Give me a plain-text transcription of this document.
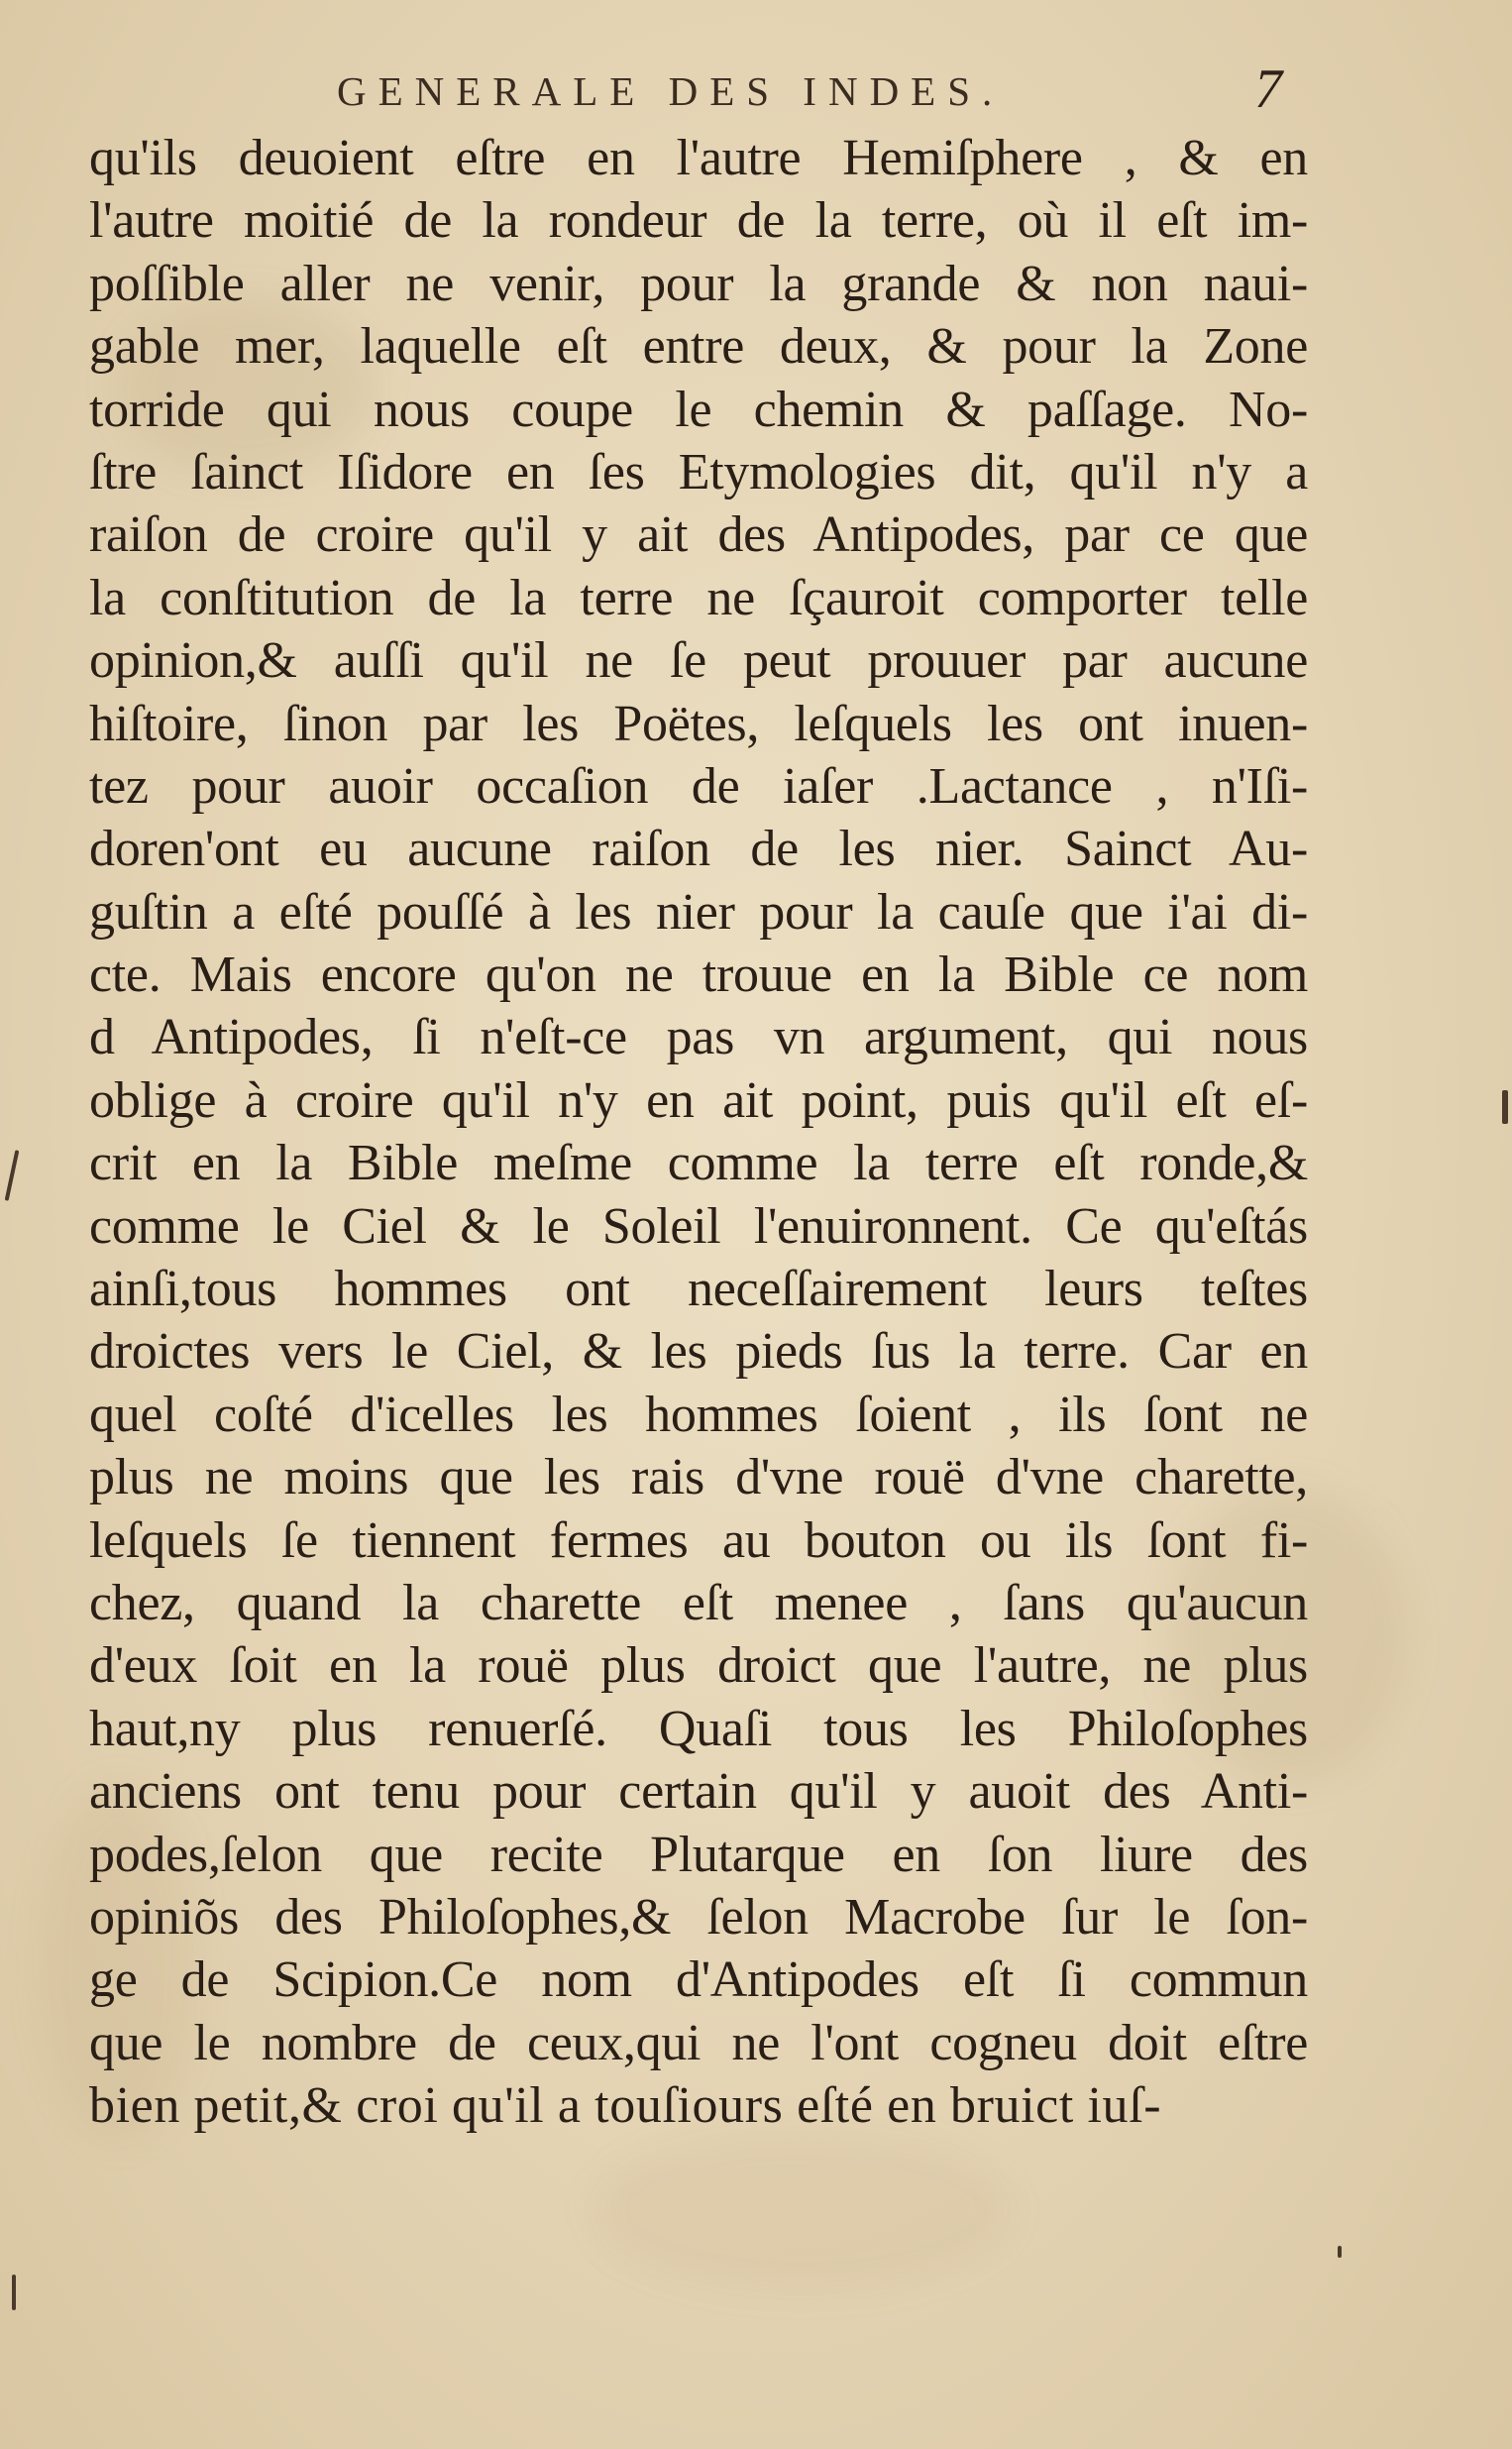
GENERALE DES INDES.	7
qu'ils deuoient eſtre en l'autre Hemiſphere , & en
l'autre moitié de la rondeur de la terre, où il eſt im-
poſſible aller ne venir, pour la grande & non naui-
gable mer, laquelle eſt entre deux, & pour la Zone
torride qui nous coupe le chemin & paſſage. No-
ſtre ſainct Iſidore en ſes Etymologies dit, qu'il n'y a
raiſon de croire qu'il y ait des Antipodes, par ce que
la conſtitution de la terre ne ſçauroit comporter telle
opinion,& auſſi qu'il ne ſe peut prouuer par aucune
hiſtoire, ſinon par les Poëtes, leſquels les ont inuen-
tez pour auoir occaſion de iaſer .Lactance , n'Iſi-
doren'ont eu aucune raiſon de les nier. Sainct Au-
guſtin a eſté pouſſé à les nier pour la cauſe que i'ai di-
cte. Mais encore qu'on ne trouue en la Bible ce nom
d Antipodes, ſi n'eſt-ce pas vn argument, qui nous
oblige à croire qu'il n'y en ait point, puis qu'il eſt eſ-
crit en la Bible meſme comme la terre eſt ronde,&
comme le Ciel & le Soleil l'enuironnent. Ce qu'eſtás
ainſi,tous hommes ont neceſſairement leurs teſtes
droictes vers le Ciel, & les pieds ſus la terre. Car en
quel coſté d'icelles les hommes ſoient , ils ſont ne
plus ne moins que les rais d'vne rouë d'vne charette,
leſquels ſe tiennent fermes au bouton ou ils ſont fi-
chez, quand la charette eſt menee , ſans qu'aucun
d'eux ſoit en la rouë plus droict que l'autre, ne plus
haut,ny plus renuerſé. Quaſi tous les Philoſophes
anciens ont tenu pour certain qu'il y auoit des Anti-
podes,ſelon que recite Plutarque en ſon liure des
opiniõs des Philoſophes,& ſelon Macrobe ſur le ſon-
ge de Scipion.Ce nom d'Antipodes eſt ſi commun
que le nombre de ceux,qui ne l'ont cogneu doit eſtre
bien petit,& croi qu'il a touſiours eſté en bruict iuſ-
